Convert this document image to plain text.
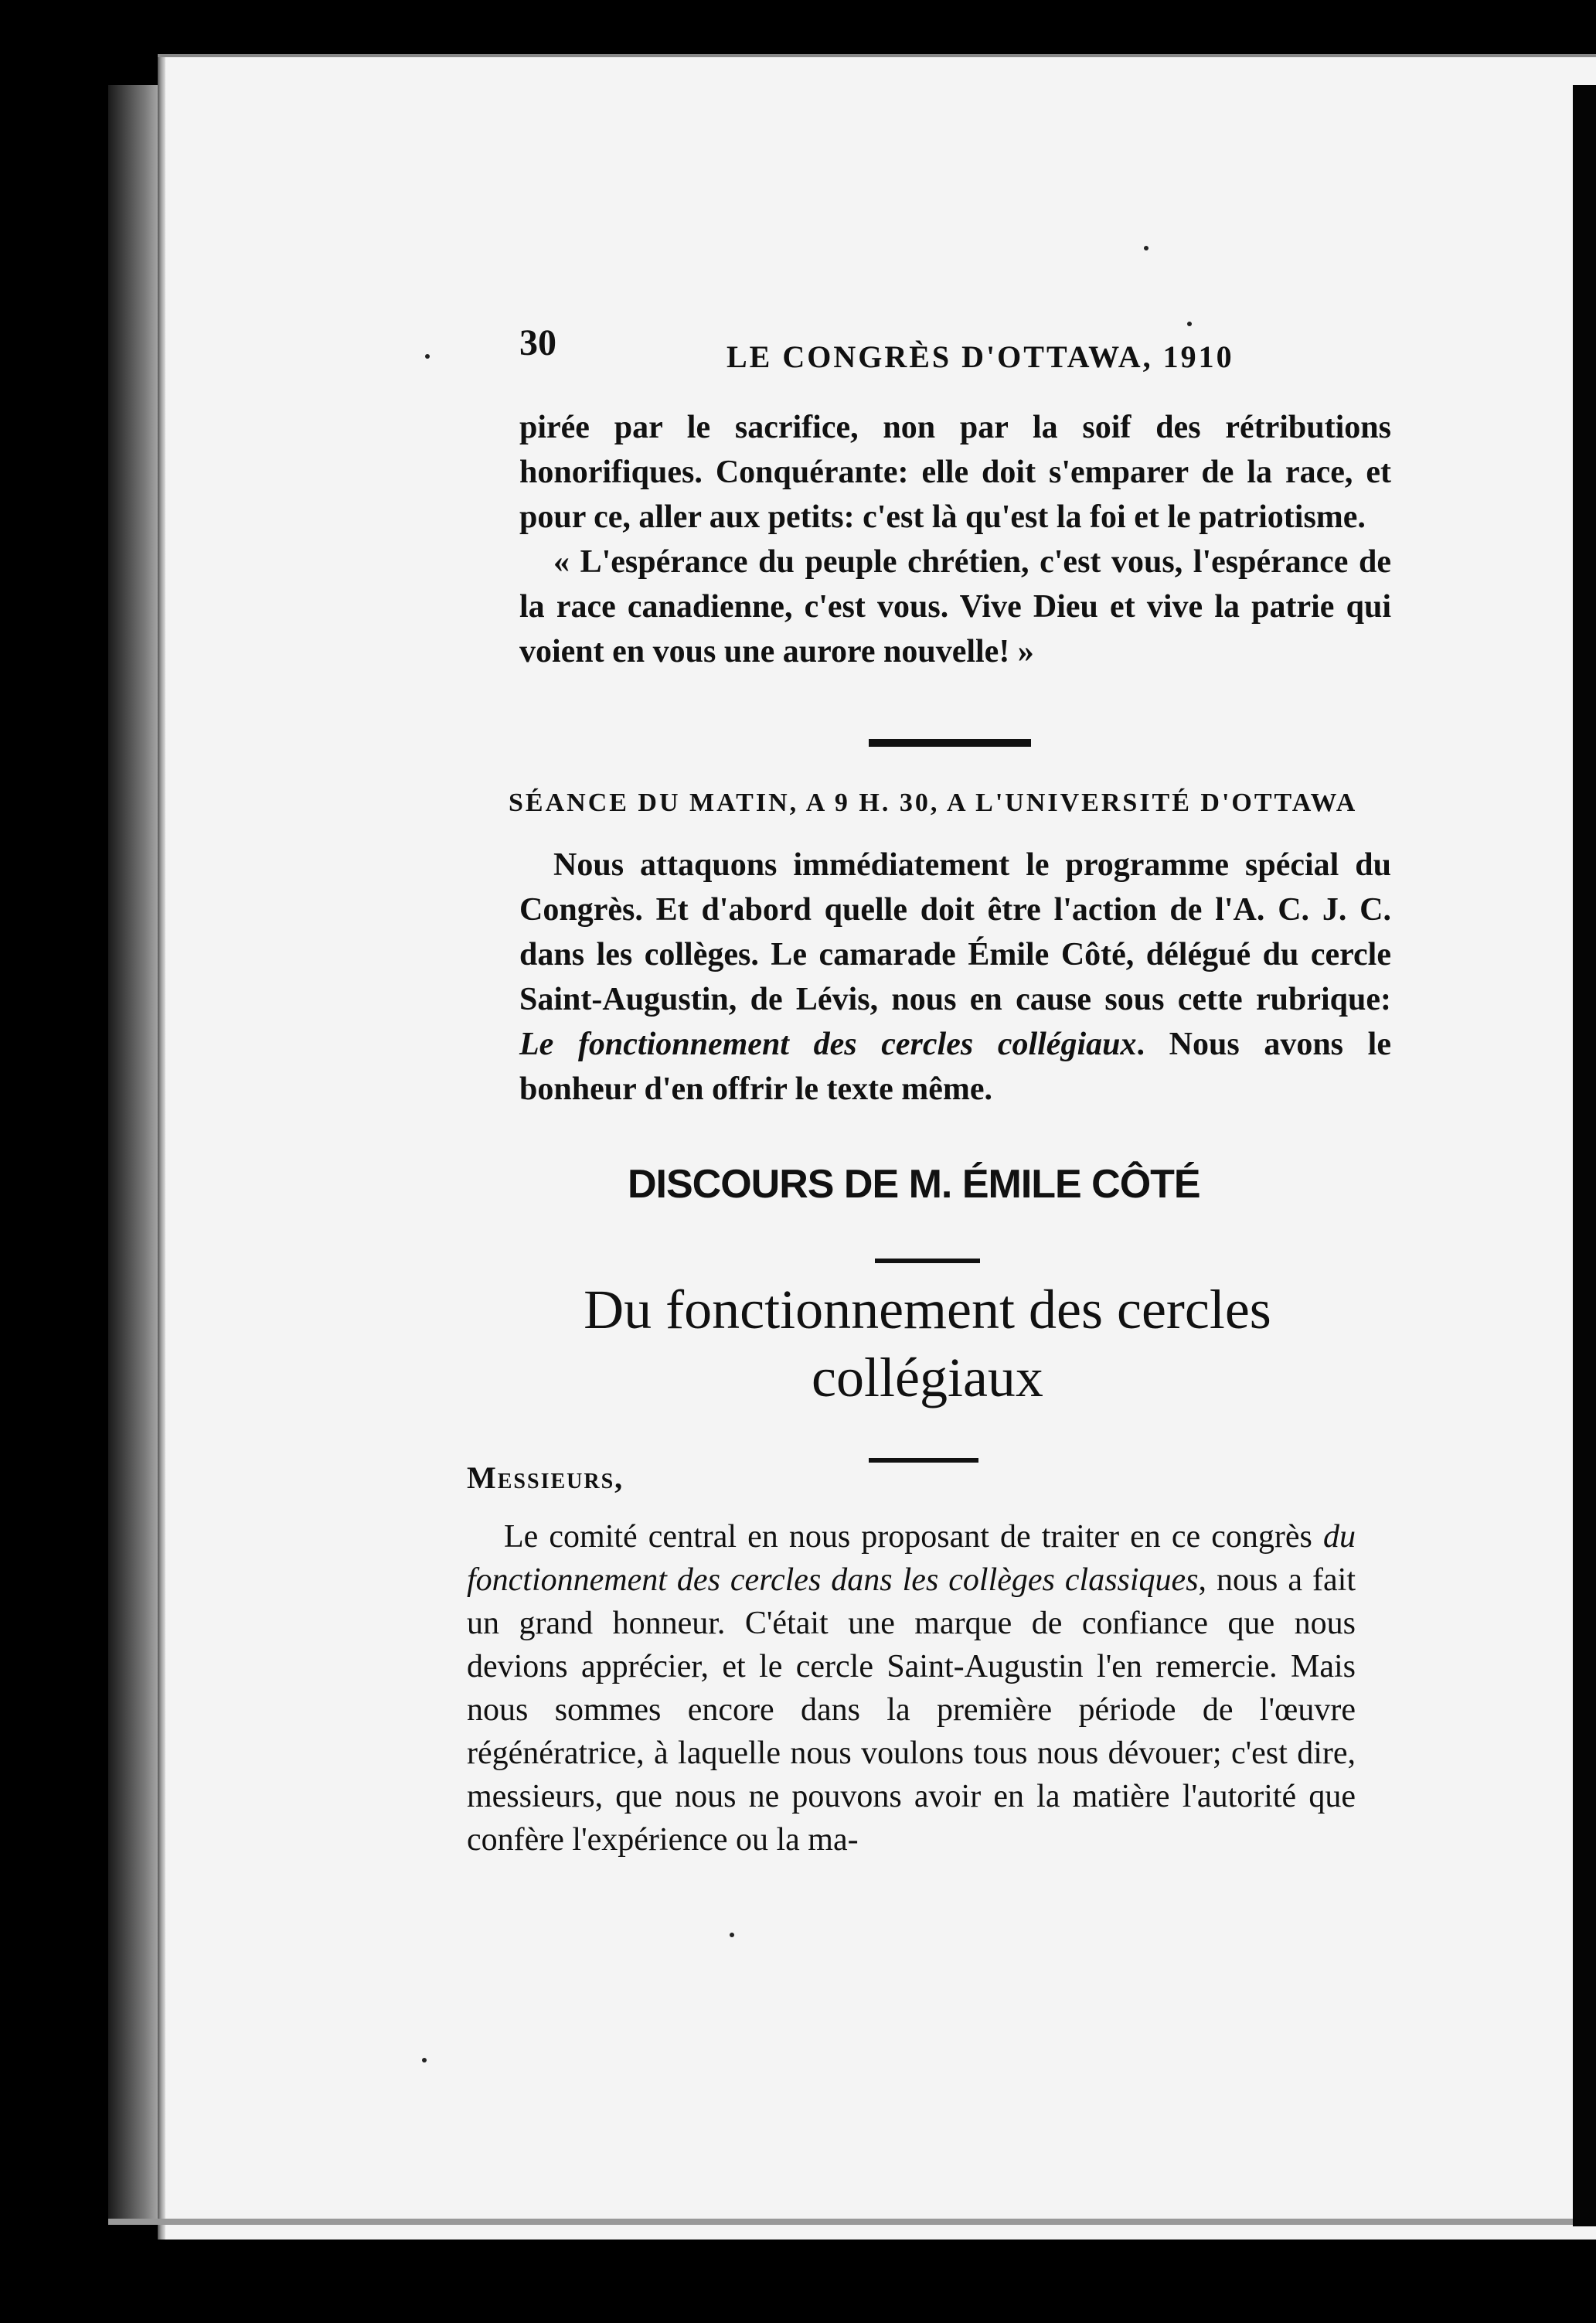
30	LE CONGRÈS D'OTTAWA, 1910

pirée par le sacrifice, non par la soif des rétributions honorifiques. Conquérante: elle doit s'emparer de la race, et pour ce, aller aux petits: c'est là qu'est la foi et le patriotisme.

« L'espérance du peuple chrétien, c'est vous, l'espérance de la race canadienne, c'est vous. Vive Dieu et vive la patrie qui voient en vous une aurore nouvelle! »

SÉANCE DU MATIN, A 9 H. 30, A L'UNIVERSITÉ D'OTTAWA

Nous attaquons immédiatement le programme spécial du Congrès. Et d'abord quelle doit être l'action de l'A. C. J. C. dans les collèges. Le camarade Émile Côté, délégué du cercle Saint-Augustin, de Lévis, nous en cause sous cette rubrique: Le fonctionnement des cercles collégiaux. Nous avons le bonheur d'en offrir le texte même.

DISCOURS DE M. ÉMILE CÔTÉ
Du fonctionnement des cercles
collégiaux
Messieurs,

Le comité central en nous proposant de traiter en ce congrès du fonctionnement des cercles dans les collèges classiques, nous a fait un grand honneur. C'était une marque de confiance que nous devions apprécier, et le cercle Saint-Augustin l'en remercie. Mais nous sommes encore dans la première période de l'œuvre régénératrice, à laquelle nous voulons tous nous dévouer; c'est dire, messieurs, que nous ne pouvons avoir en la matière l'autorité que confère l'expérience ou la ma-
